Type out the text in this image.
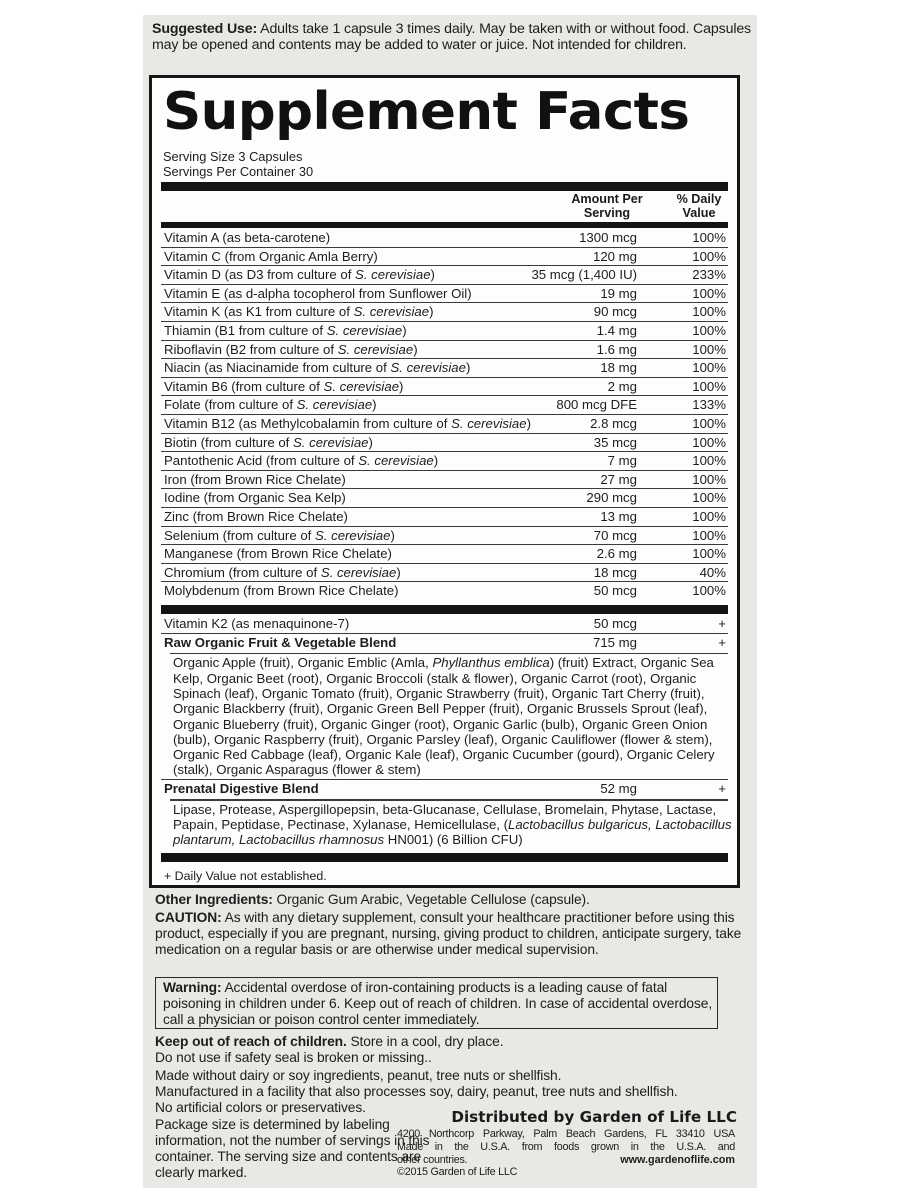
Suggested Use: Adults take 1 capsule 3 times daily. May be taken with or without food. Capsules may be opened and contents may be added to water or juice. Not intended for children.
Supplement Facts
Serving Size 3 Capsules
Servings Per Container 30
Amount Per
Serving
% Daily
Value
Vitamin A (as beta-carotene)	1300 mcg	100%
Vitamin C (from Organic Amla Berry)	120 mg	100%
Vitamin D (as D3 from culture of S. cerevisiae)	35 mcg (1,400 IU)	233%
Vitamin E (as d-alpha tocopherol from Sunflower Oil)	19 mg	100%
Vitamin K (as K1 from culture of S. cerevisiae)	90 mcg	100%
Thiamin (B1 from culture of S. cerevisiae)	1.4 mg	100%
Riboflavin (B2 from culture of S. cerevisiae)	1.6 mg	100%
Niacin (as Niacinamide from culture of S. cerevisiae)	18 mg	100%
Vitamin B6 (from culture of S. cerevisiae)	2 mg	100%
Folate (from culture of S. cerevisiae)	800 mcg DFE	133%
Vitamin B12 (as Methylcobalamin from culture of S. cerevisiae)	2.8 mcg	100%
Biotin (from culture of S. cerevisiae)	35 mcg	100%
Pantothenic Acid (from culture of S. cerevisiae)	7 mg	100%
Iron (from Brown Rice Chelate)	27 mg	100%
Iodine (from Organic Sea Kelp)	290 mcg	100%
Zinc (from Brown Rice Chelate)	13 mg	100%
Selenium (from culture of S. cerevisiae)	70 mcg	100%
Manganese (from Brown Rice Chelate)	2.6 mg	100%
Chromium (from culture of S. cerevisiae)	18 mcg	40%
Molybdenum (from Brown Rice Chelate)	50 mcg	100%
Vitamin K2 (as menaquinone-7)	50 mcg	+
Raw Organic Fruit & Vegetable Blend	715 mg	+
Organic Apple (fruit), Organic Emblic (Amla, Phyllanthus emblica) (fruit) Extract, Organic Sea Kelp, Organic Beet (root), Organic Broccoli (stalk & flower), Organic Carrot (root), Organic Spinach (leaf), Organic Tomato (fruit), Organic Strawberry (fruit), Organic Tart Cherry (fruit), Organic Blackberry (fruit), Organic Green Bell Pepper (fruit), Organic Brussels Sprout (leaf), Organic Blueberry (fruit), Organic Ginger (root), Organic Garlic (bulb), Organic Green Onion (bulb), Organic Raspberry (fruit), Organic Parsley (leaf), Organic Cauliflower (flower & stem), Organic Red Cabbage (leaf), Organic Kale (leaf), Organic Cucumber (gourd), Organic Celery (stalk), Organic Asparagus (flower & stem)
Prenatal Digestive Blend	52 mg	+
Lipase, Protease, Aspergillopepsin, beta-Glucanase, Cellulase, Bromelain, Phytase, Lactase, Papain, Peptidase, Pectinase, Xylanase, Hemicellulase, (Lactobacillus bulgaricus, Lactobacillus plantarum, Lactobacillus rhamnosus HN001) (6 Billion CFU)
+ Daily Value not established.
Other Ingredients: Organic Gum Arabic, Vegetable Cellulose (capsule).
CAUTION: As with any dietary supplement, consult your healthcare practitioner before using this product, especially if you are pregnant, nursing, giving product to children, anticipate surgery, take medication on a regular basis or are otherwise under medical supervision.
Warning: Accidental overdose of iron-containing products is a leading cause of fatal poisoning in children under 6. Keep out of reach of children. In case of accidental overdose, call a physician or poison control center immediately.
Keep out of reach of children. Store in a cool, dry place.
Do not use if safety seal is broken or missing..
Made without dairy or soy ingredients, peanut, tree nuts or shellfish.
Manufactured in a facility that also processes soy, dairy, peanut, tree nuts and shellfish.
No artificial colors or preservatives.
Package size is determined by labeling information, not the number of servings in this container. The serving size and contents are clearly marked.
Distributed by Garden of Life LLC
4200 Northcorp Parkway, Palm Beach Gardens, FL 33410 USA
Made in the U.S.A. from foods grown in the U.S.A. and
other countries.	www.gardenoflife.com
©2015 Garden of Life LLC
